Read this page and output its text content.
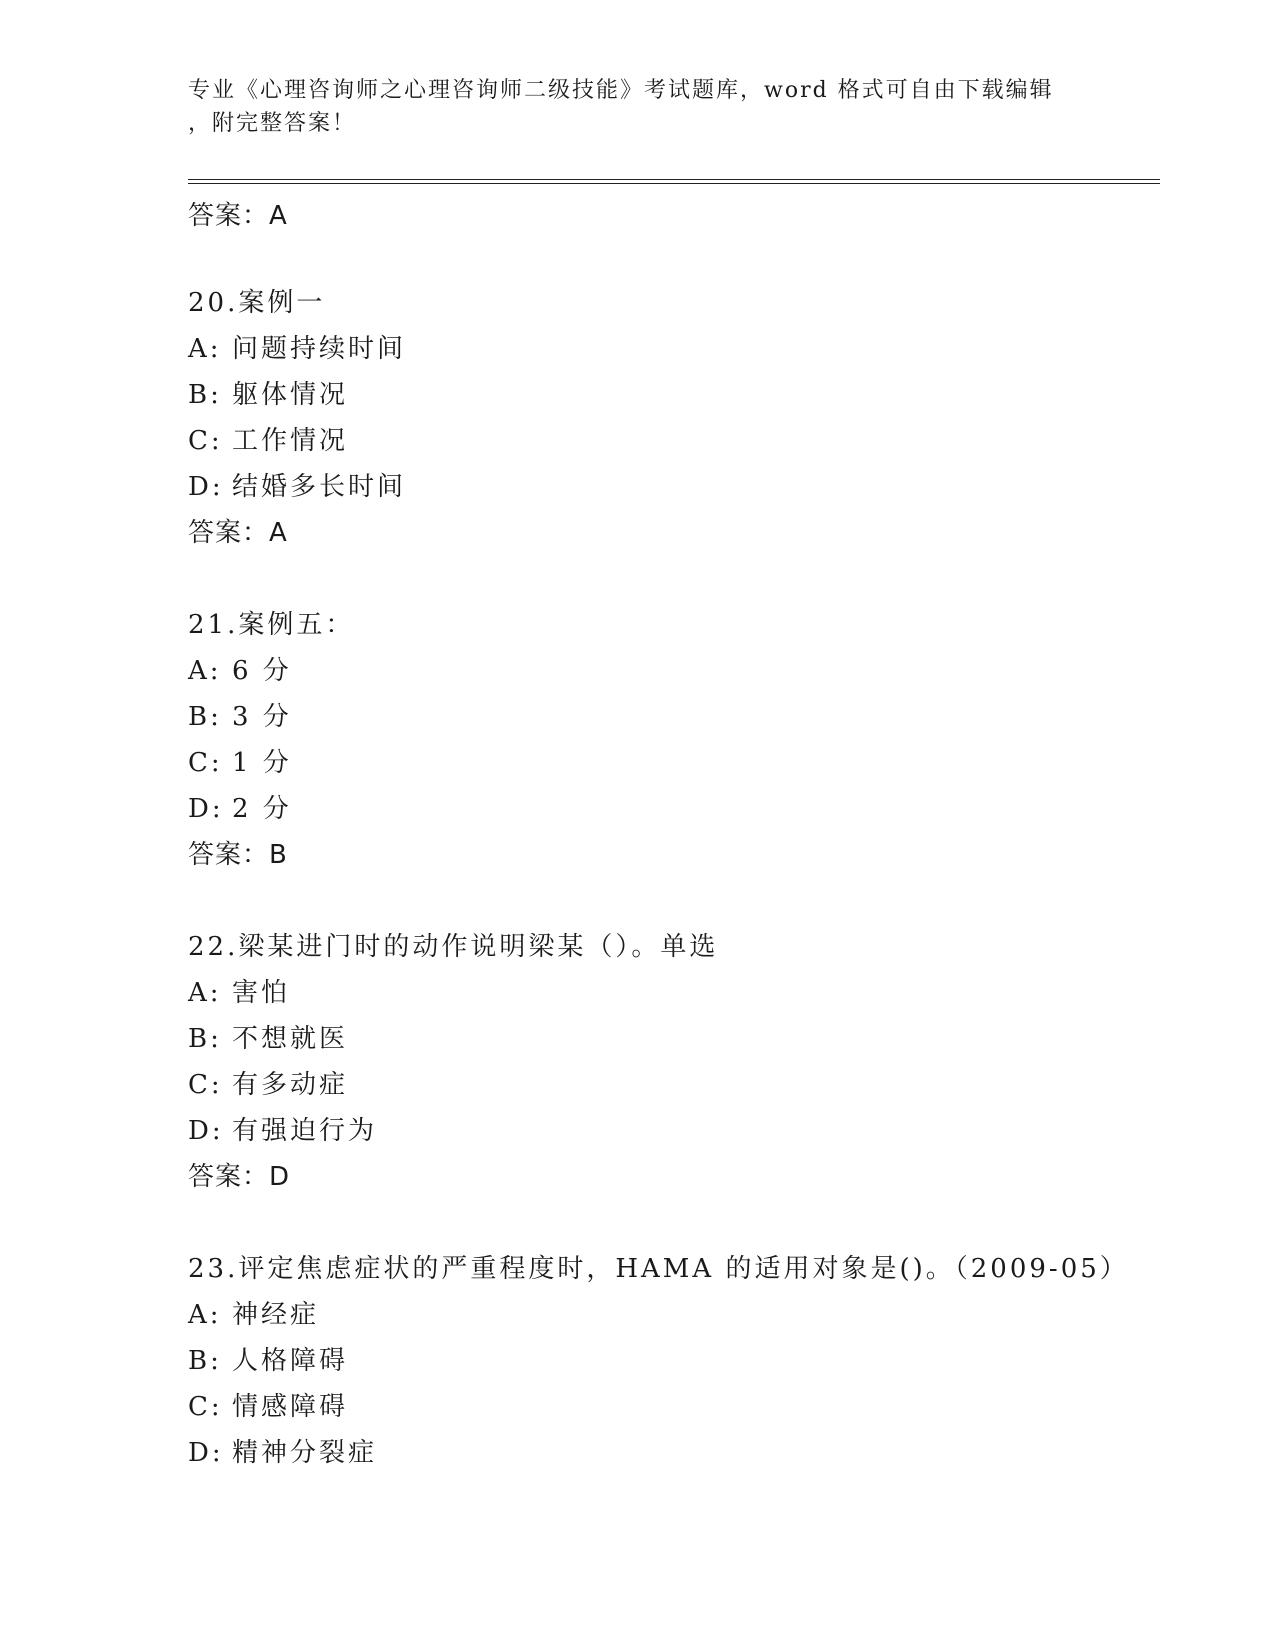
专业《心理咨询师之心理咨询师二级技能》考试题库，word 格式可自由下载编辑
，附完整答案！
答案：A
20.案例一
A: 问题持续时间
B: 躯体情况
C: 工作情况
D: 结婚多长时间
答案：A
21.案例五：
A: 6 分
B: 3 分
C: 1 分
D: 2 分
答案：B
22.梁某进门时的动作说明梁某（）。单选
A: 害怕
B: 不想就医
C: 有多动症
D: 有强迫行为
答案：D
23.评定焦虑症状的严重程度时，HAMA 的适用对象是()。（2009-05）
A: 神经症
B: 人格障碍
C: 情感障碍
D: 精神分裂症
